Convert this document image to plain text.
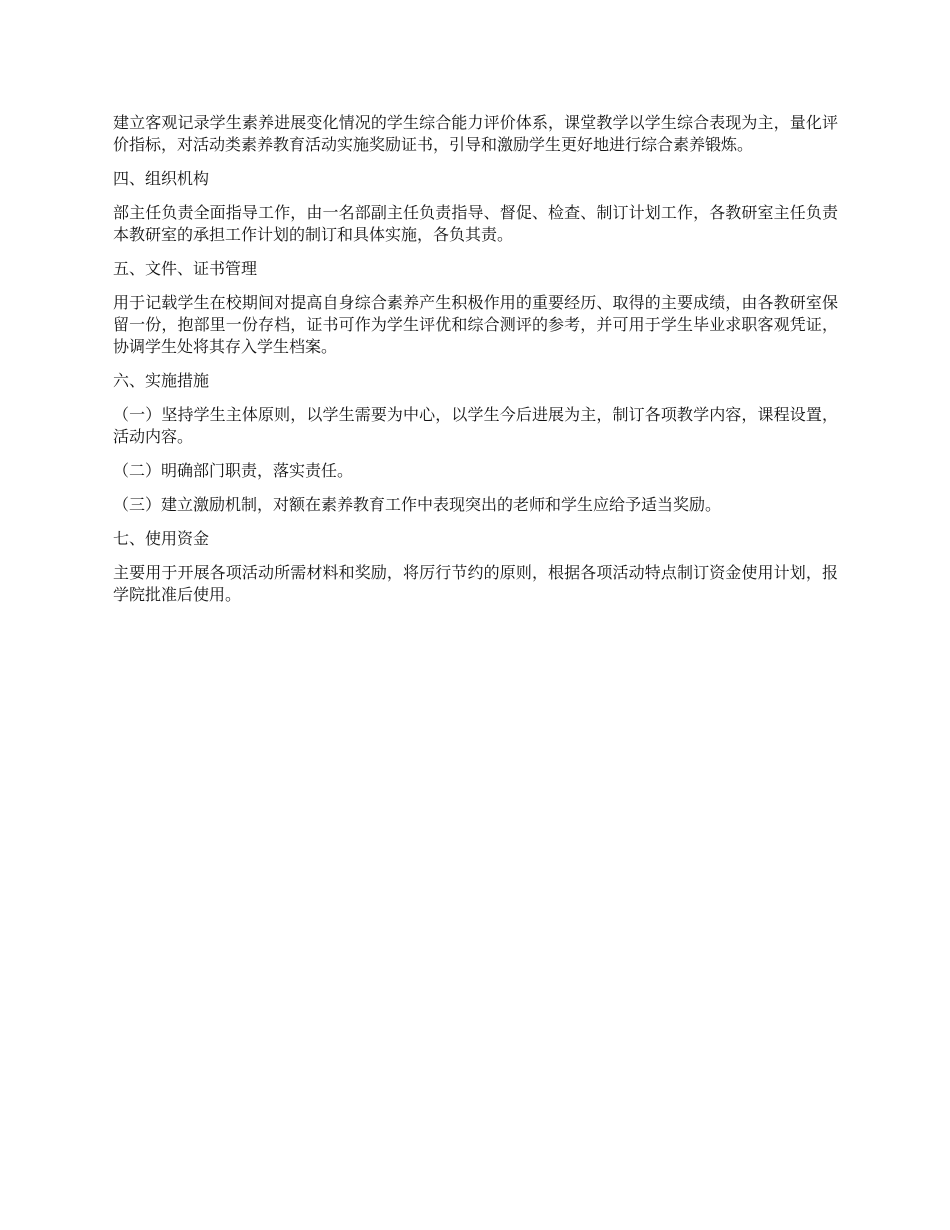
建立客观记录学生素养进展变化情况的学生综合能力评价体系，课堂教学以学生综合表现为主，量化评价指标，对活动类素养教育活动实施奖励证书，引导和激励学生更好地进行综合素养锻炼。

四、组织机构

部主任负责全面指导工作，由一名部副主任负责指导、督促、检查、制订计划工作，各教研室主任负责本教研室的承担工作计划的制订和具体实施，各负其责。

五、文件、证书管理

用于记载学生在校期间对提高自身综合素养产生积极作用的重要经历、取得的主要成绩，由各教研室保留一份，抱部里一份存档，证书可作为学生评优和综合测评的参考，并可用于学生毕业求职客观凭证，协调学生处将其存入学生档案。

六、实施措施

（一）坚持学生主体原则，以学生需要为中心，以学生今后进展为主，制订各项教学内容，课程设置，活动内容。

（二）明确部门职责，落实责任。

（三）建立激励机制，对额在素养教育工作中表现突出的老师和学生应给予适当奖励。

七、使用资金

主要用于开展各项活动所需材料和奖励，将厉行节约的原则，根据各项活动特点制订资金使用计划，报学院批准后使用。
